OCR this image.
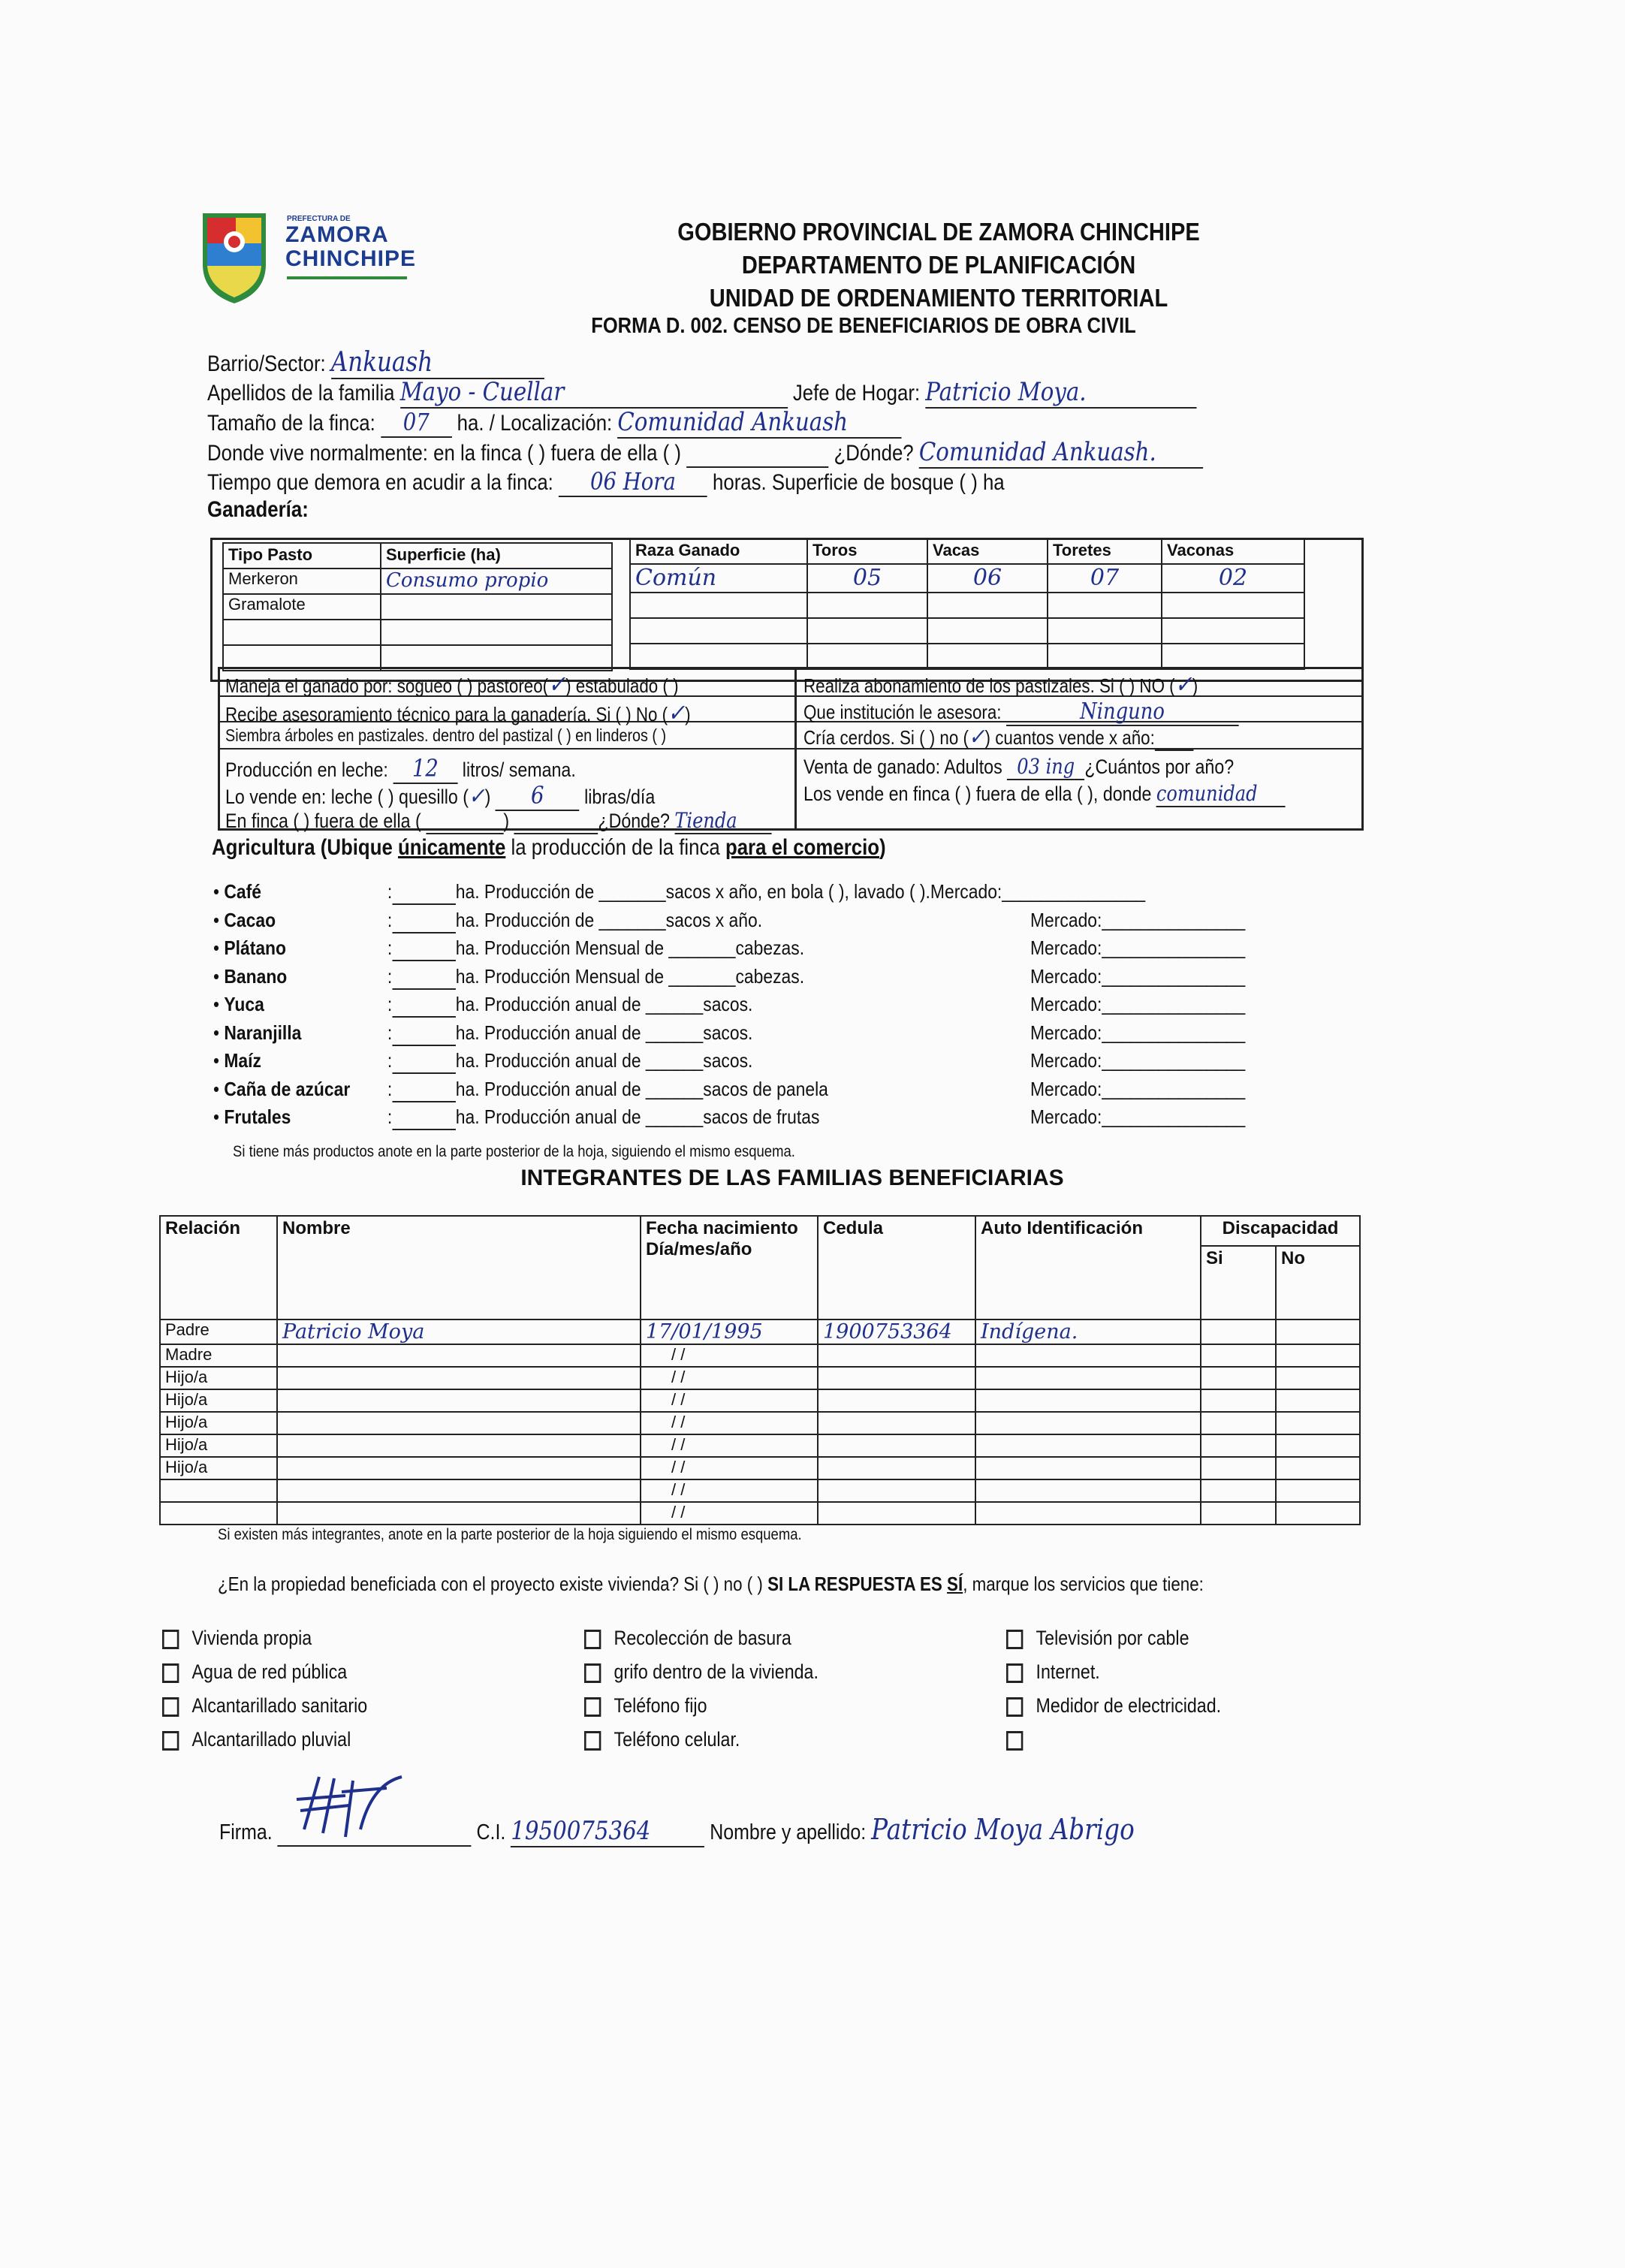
PREFECTURA DE
ZAMORA
CHINCHIPE
GOBIERNO PROVINCIAL DE ZAMORA CHINCHIPE
DEPARTAMENTO DE PLANIFICACIÓN
UNIDAD DE ORDENAMIENTO TERRITORIAL
FORMA D. 002. CENSO DE BENEFICIARIOS DE OBRA CIVIL
Barrio/Sector: Ankuash
Apellidos de la familia Mayo - Cuellar	Jefe de Hogar: Patricio Moya.
Tamaño de la finca: 07 ha. / Localización: Comunidad Ankuash
Donde vive normalmente: en la finca ( ) fuera de ella ( )	¿Dónde? Comunidad Ankuash.
Tiempo que demora en acudir a la finca: 06 Hora horas. Superficie de bosque ( ) ha
Ganadería:
Tipo Pasto	Superficie (ha)
Merkeron	Consumo propio
Gramalote	

Raza Ganado	Toros	Vacas	Toretes	Vaconas
Común	05	06	07	02

Maneja el ganado por: sogueo ( ) pastoreo(✓) estabulado ( )	Realiza abonamiento de los pastizales. Si ( ) NO (✓)
Recibe asesoramiento técnico para la ganadería. Si ( ) No (✓)	Que institución le asesora:	Ninguno
Siembra árboles en pastizales. dentro del pastizal ( ) en linderos ( )	Cría cerdos. Si ( ) no (✓) cuantos vende x año:
Producción en leche: 12 litros/ semana.	Venta de ganado: Adultos 03 ing ¿Cuántos por año?
Lo vende en: leche ( ) quesillo (✓) 6 libras/día	Los vende en finca ( ) fuera de ella ( ), donde comunidad
En finca ( ) fuera de ella (	)	¿Dónde? Tienda
Agricultura (Ubique únicamente la producción de la finca para el comercio)
• Café	:	ha. Producción de _______sacos x año, en bola ( ), lavado ( ).Mercado:_______________
• Cacao	:	ha. Producción de _______sacos x año.	Mercado:_______________
• Plátano	:	ha. Producción Mensual de _______cabezas.	Mercado:_______________
• Banano	:	ha. Producción Mensual de _______cabezas.	Mercado:_______________
• Yuca	:	ha. Producción anual de ______sacos.	Mercado:_______________
• Naranjilla	:	ha. Producción anual de ______sacos.	Mercado:_______________
• Maíz	:	ha. Producción anual de ______sacos.	Mercado:_______________
• Caña de azúcar :	ha. Producción anual de ______sacos de panela	Mercado:_______________
• Frutales	:	ha. Producción anual de ______sacos de frutas	Mercado:_______________
Si tiene más productos anote en la parte posterior de la hoja, siguiendo el mismo esquema.
INTEGRANTES DE LAS FAMILIAS BENEFICIARIAS
Relación	Nombre	Fecha nacimiento Día/mes/año	Cedula	Auto Identificación	Discapacidad	
					Si	No
Padre	Patricio Moya	17/01/1995	1900753364	Indígena.		
Madre		/ /				
Hijo/a		/ /				
Hijo/a		/ /				
Hijo/a		/ /				
Hijo/a		/ /				
Hijo/a		/ /				
		/ /				
		/ /				
Si existen más integrantes, anote en la parte posterior de la hoja siguiendo el mismo esquema.
¿En la propiedad beneficiada con el proyecto existe vivienda? Si ( ) no ( ) SI LA RESPUESTA ES SÍ, marque los servicios que tiene:
Vivienda propia
Agua de red pública
Alcantarillado sanitario
Alcantarillado pluvial
Recolección de basura
grifo dentro de la vivienda.
Teléfono fijo
Teléfono celular.
Televisión por cable
Internet.
Medidor de electricidad.
Firma.	C.I. 1950075364	Nombre y apellido: Patricio Moya Abrigo
